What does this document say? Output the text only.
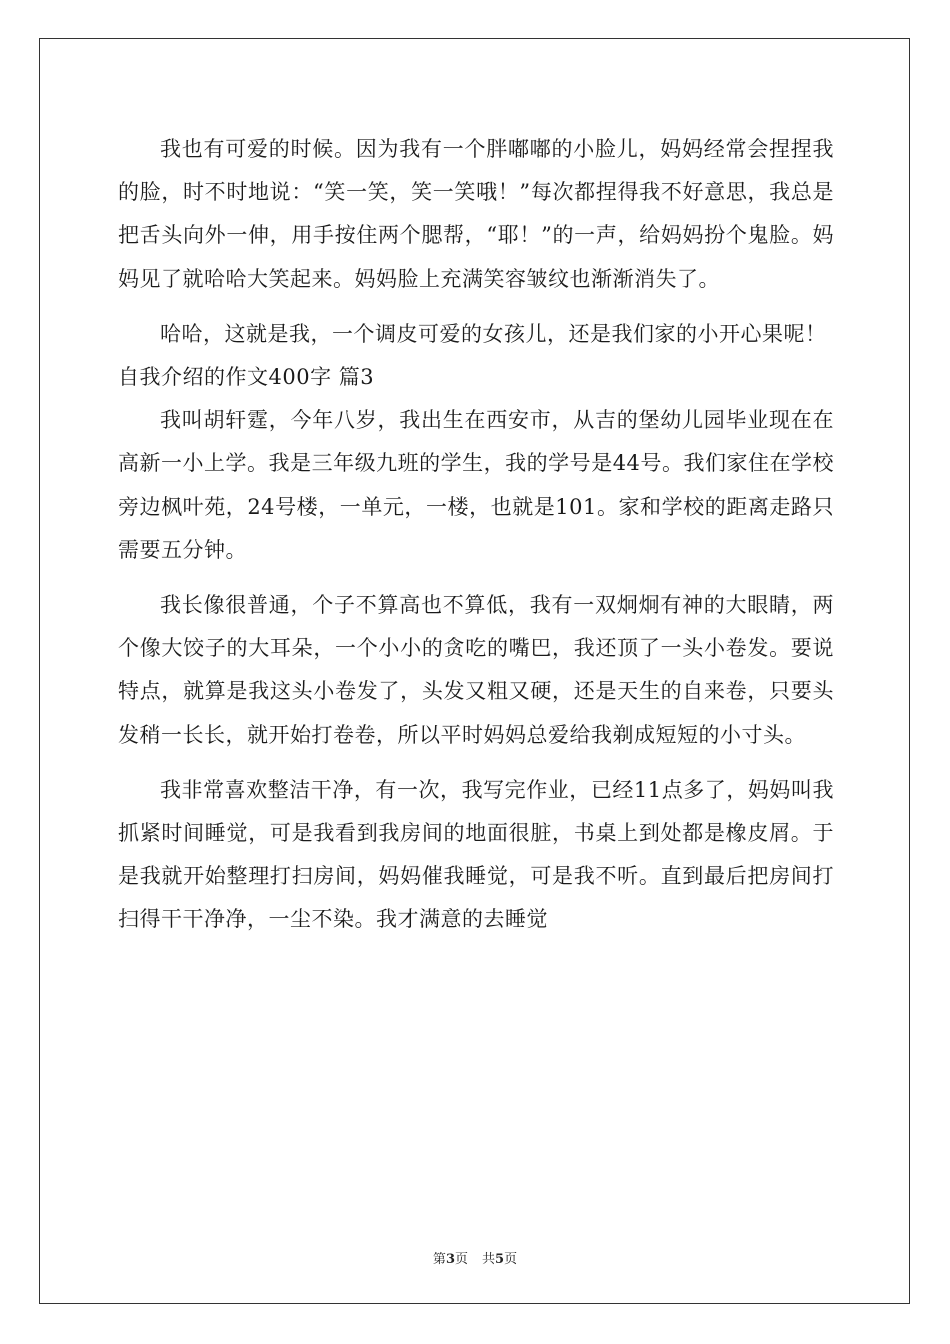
我也有可爱的时候。因为我有一个胖嘟嘟的小脸儿，妈妈经常会捏捏我的脸，时不时地说：“笑一笑，笑一笑哦！”每次都捏得我不好意思，我总是把舌头向外一伸，用手按住两个腮帮，“耶！”的一声，给妈妈扮个鬼脸。妈妈见了就哈哈大笑起来。妈妈脸上充满笑容皱纹也渐渐消失了。

哈哈，这就是我，一个调皮可爱的女孩儿，还是我们家的小开心果呢！

自我介绍的作文400字 篇3

我叫胡轩霆，今年八岁，我出生在西安市，从吉的堡幼儿园毕业现在在高新一小上学。我是三年级九班的学生，我的学号是44号。我们家住在学校旁边枫叶苑，24号楼，一单元，一楼，也就是101。家和学校的距离走路只需要五分钟。

我长像很普通，个子不算高也不算低，我有一双炯炯有神的大眼睛，两个像大饺子的大耳朵，一个小小的贪吃的嘴巴，我还顶了一头小卷发。要说特点，就算是我这头小卷发了，头发又粗又硬，还是天生的自来卷，只要头发稍一长长，就开始打卷卷，所以平时妈妈总爱给我剃成短短的小寸头。

我非常喜欢整洁干净，有一次，我写完作业，已经11点多了，妈妈叫我抓紧时间睡觉，可是我看到我房间的地面很脏，书桌上到处都是橡皮屑。于是我就开始整理打扫房间，妈妈催我睡觉，可是我不听。直到最后把房间打扫得干干净净，一尘不染。我才满意的去睡觉

第3页 共5页
